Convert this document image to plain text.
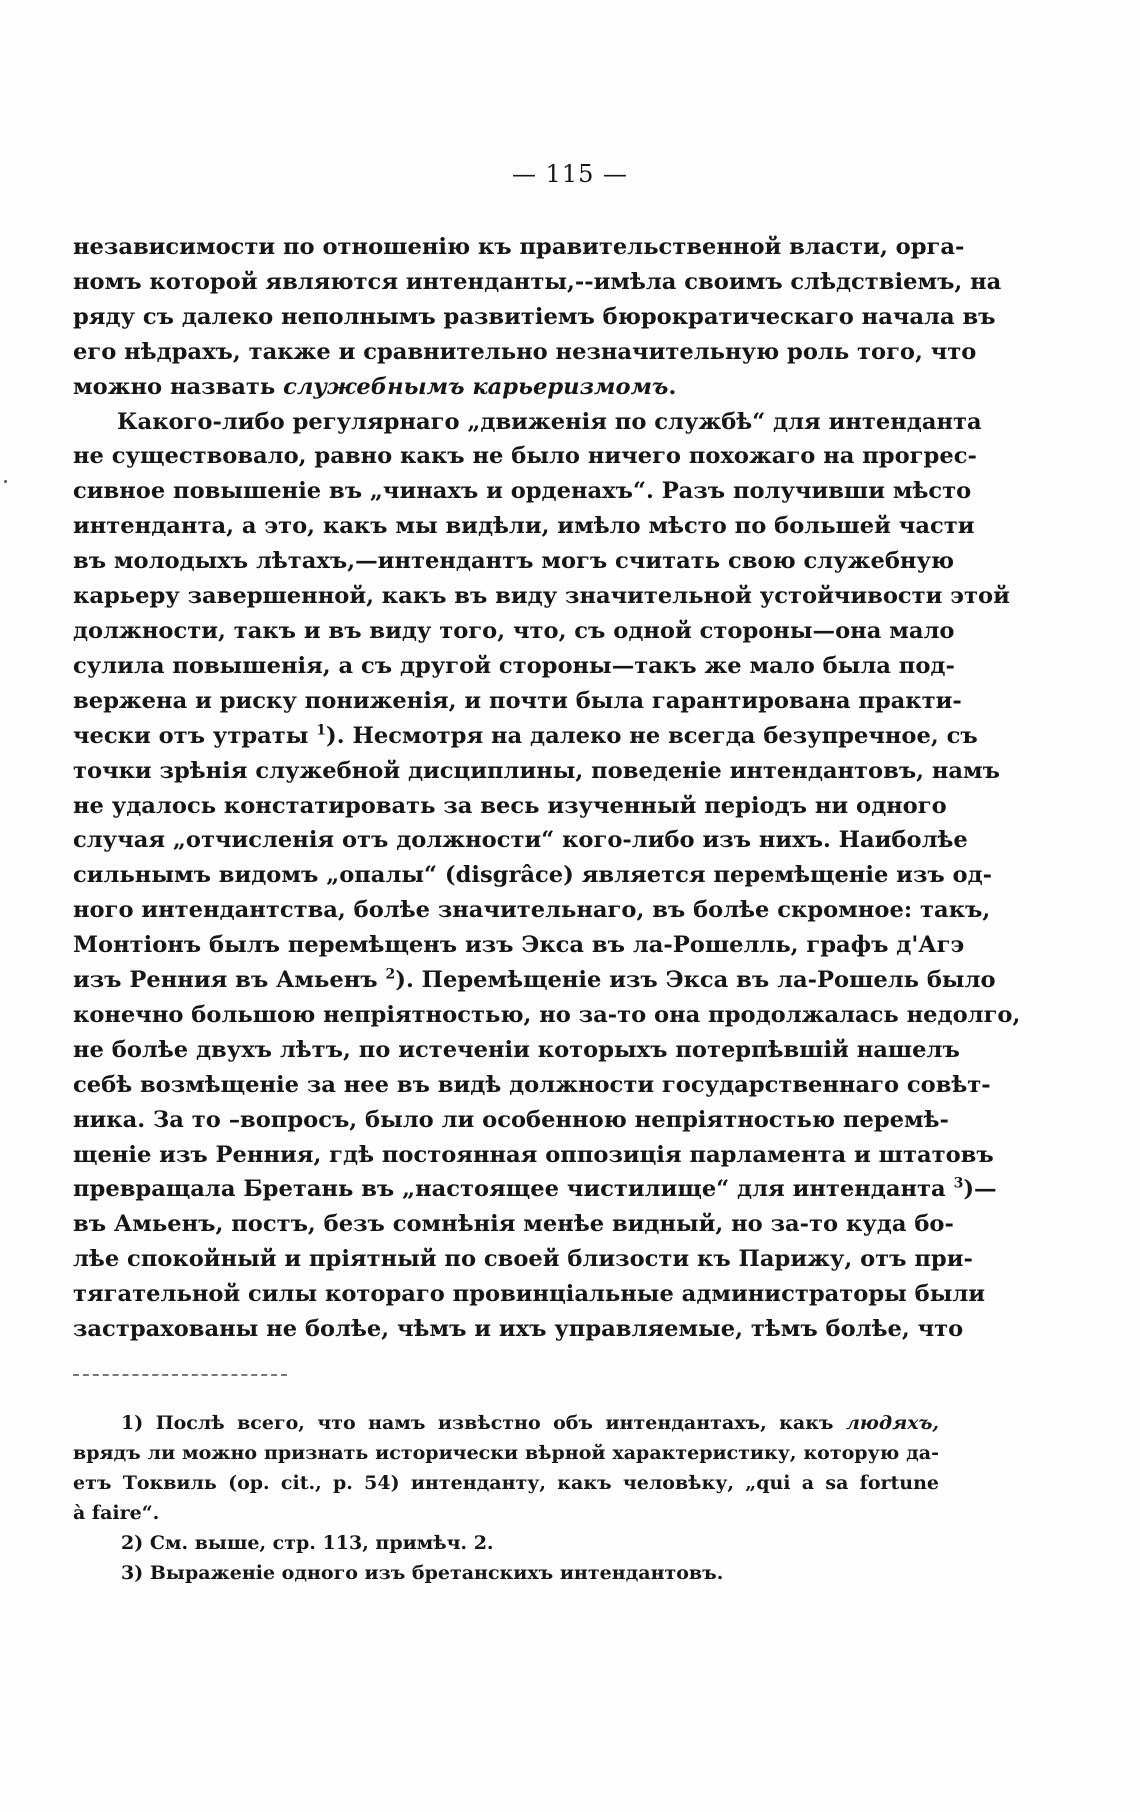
— 115 —
независимости по отношенію къ правительственной власти, орга-
номъ которой являются интенданты,--имѣла своимъ слѣдствіемъ, на
ряду съ далеко неполнымъ развитіемъ бюрократическаго начала въ
его нѣдрахъ, также и сравнительно незначительную роль того, что
можно назвать служебнымъ карьеризмомъ.
Какого-либо регулярнаго „движенія по службѣ“ для интенданта
не существовало, равно какъ не было ничего похожаго на прогрес-
сивное повышеніе въ „чинахъ и орденахъ“. Разъ получивши мѣсто
интенданта, а это, какъ мы видѣли, имѣло мѣсто по большей части
въ молодыхъ лѣтахъ,—интендантъ могъ считать свою служебную
карьеру завершенной, какъ въ виду значительной устойчивости этой
должности, такъ и въ виду того, что, съ одной стороны—она мало
сулила повышенія, а съ другой стороны—такъ же мало была под-
вержена и риску пониженія, и почти была гарантирована практи-
чески отъ утраты $^1$). Несмотря на далеко не всегда безупречное, съ
точки зрѣнія служебной дисциплины, поведеніе интендантовъ, намъ
не удалось констатировать за весь изученный періодъ ни одного
случая „отчисленія отъ должности“ кого-либо изъ нихъ. Наиболѣе
сильнымъ видомъ „опалы“ (disgrâce) является перемѣщеніе изъ од-
ного интендантства, болѣе значительнаго, въ болѣе скромное: такъ,
Монтіонъ былъ перемѣщенъ изъ Экса въ ла-Рошелль, графъ д'Агэ
изъ Ренния въ Амьенъ $^2$). Перемѣщеніе изъ Экса въ ла-Рошель было
конечно большою непріятностью, но за-то она продолжалась недолго,
не болѣе двухъ лѣтъ, по истеченіи которыхъ потерпѣвшій нашелъ
себѣ возмѣщеніе за нее въ видѣ должности государственнаго совѣт-
ника. За то –вопросъ, было ли особенною непріятностью перемѣ-
щеніе изъ Ренния, гдѣ постоянная оппозиція парламента и штатовъ
превращала Бретань въ „настоящее чистилище“ для интенданта $^3$)—
въ Амьенъ, постъ, безъ сомнѣнія менѣе видный, но за-то куда бо-
лѣе спокойный и пріятный по своей близости къ Парижу, отъ при-
тягательной силы котораго провинціальные администраторы были
застрахованы не болѣе, чѣмъ и ихъ управляемые, тѣмъ болѣе, что
1) Послѣ всего, что намъ извѣстно объ интендантахъ, какъ людяхъ,
врядъ ли можно признать исторически вѣрной характеристику, которую да-
етъ Токвиль (op. cit., p. 54) интенданту, какъ человѣку, „qui a sa fortune
à faire“.
2) См. выше, стр. 113, примѣч. 2.
3) Выраженіе одного изъ бретанскихъ интендантовъ.
